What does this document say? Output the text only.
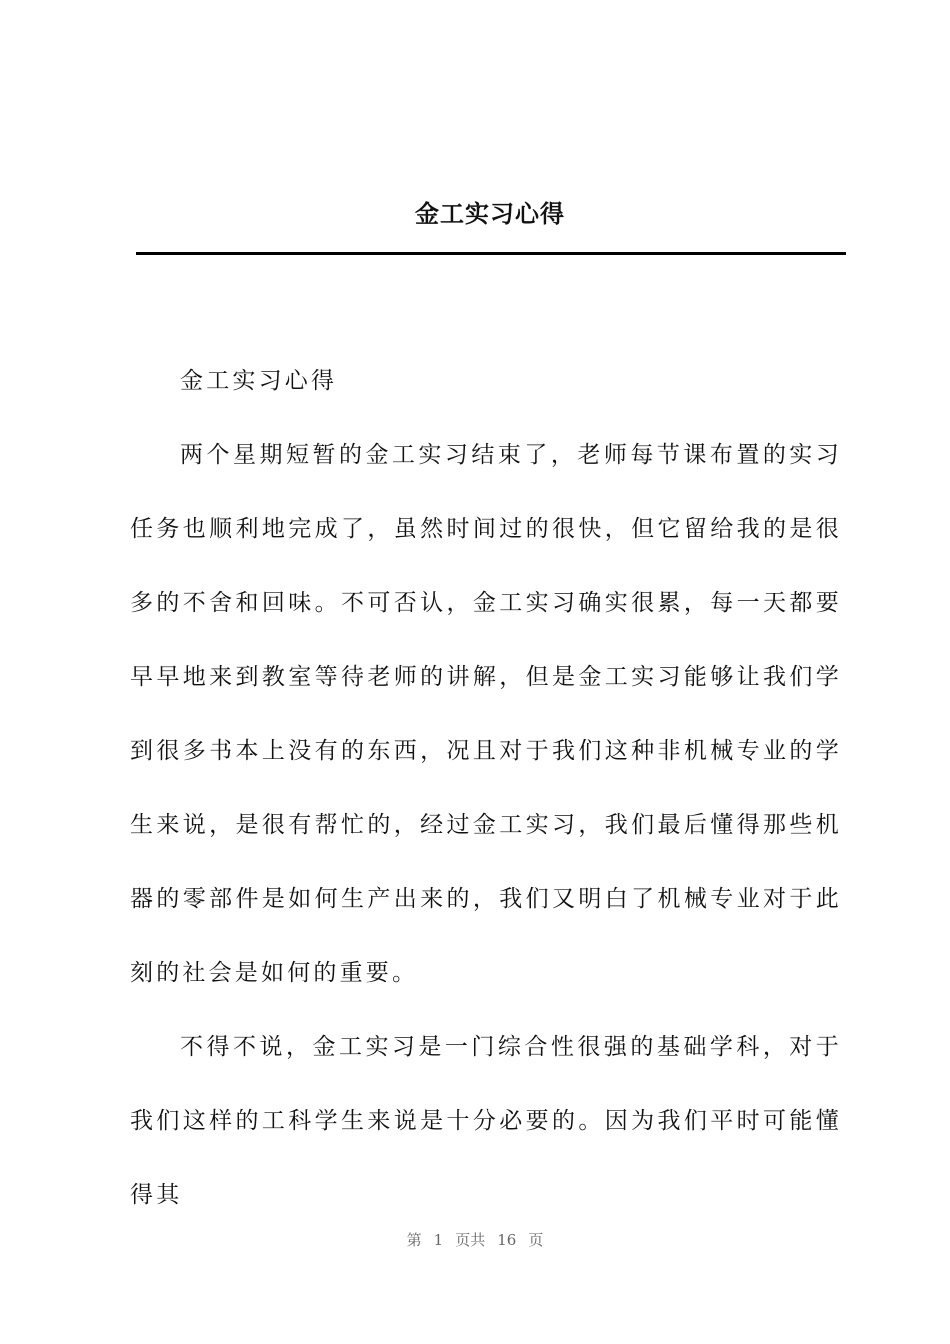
金工实习心得

金工实习心得

两个星期短暂的金工实习结束了，老师每节课布置的实习任务也顺利地完成了，虽然时间过的很快，但它留给我的是很多的不舍和回味。不可否认，金工实习确实很累，每一天都要早早地来到教室等待老师的讲解，但是金工实习能够让我们学到很多书本上没有的东西，况且对于我们这种非机械专业的学生来说，是很有帮忙的，经过金工实习，我们最后懂得那些机器的零部件是如何生产出来的，我们又明白了机械专业对于此刻的社会是如何的重要。

不得不说，金工实习是一门综合性很强的基础学科，对于我们这样的工科学生来说是十分必要的。因为我们平时可能懂得其

第 1 页共 16 页
